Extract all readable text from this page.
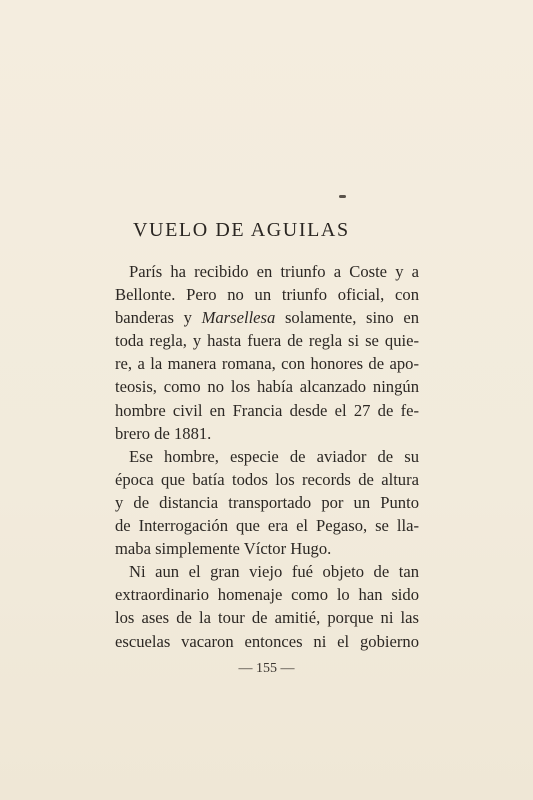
VUELO DE AGUILAS
París ha recibido en triunfo a Coste y a
Bellonte. Pero no un triunfo oficial, con
banderas y Marsellesa solamente, sino en
toda regla, y hasta fuera de regla si se quie-
re, a la manera romana, con honores de apo-
teosis, como no los había alcanzado ningún
hombre civil en Francia desde el 27 de fe-
brero de 1881.
Ese hombre, especie de aviador de su
época que batía todos los records de altura
y de distancia transportado por un Punto
de Interrogación que era el Pegaso, se lla-
maba simplemente Víctor Hugo.
Ni aun el gran viejo fué objeto de tan
extraordinario homenaje como lo han sido
los ases de la tour de amitié, porque ni las
escuelas vacaron entonces ni el gobierno
— 155 —
